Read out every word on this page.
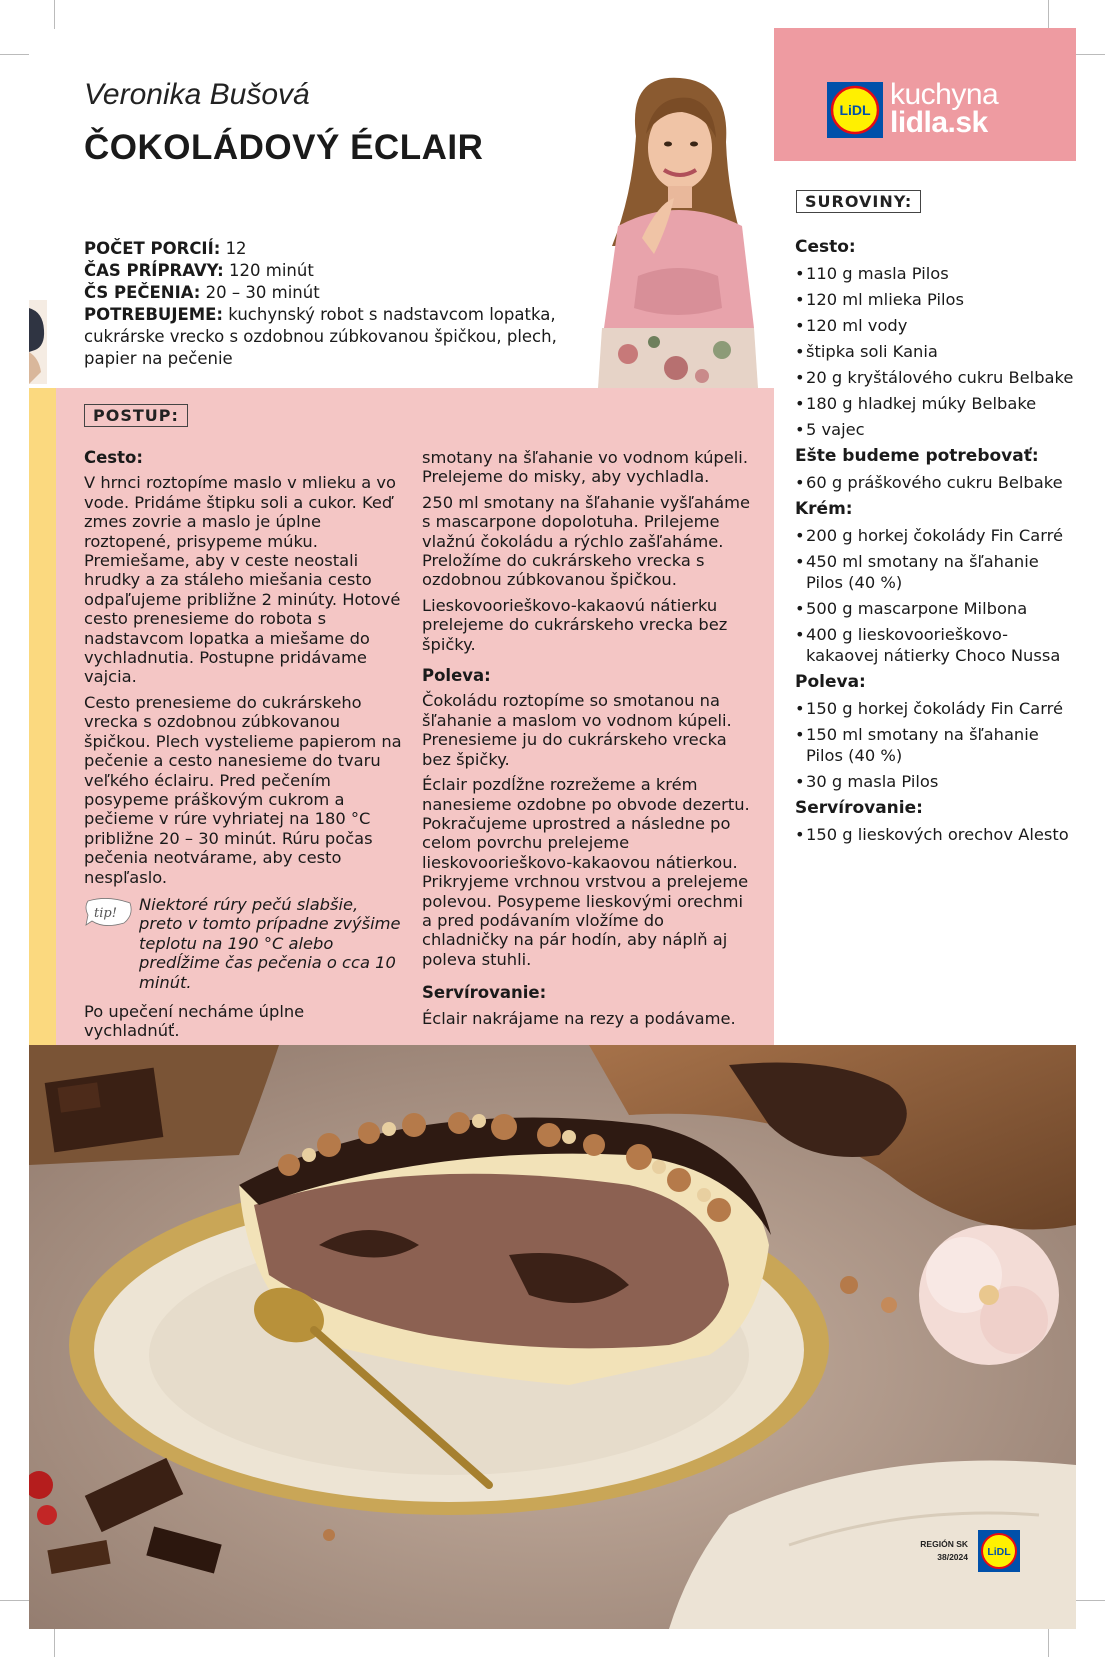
Veronika Bušová
ČOKOLÁDOVÝ ÉCLAIR
POČET PORCIÍ: 12
ČAS PRÍPRAVY: 120 minút
ČS PEČENIA: 20 – 30 minút
POTREBUJEME: kuchynský robot s nadstavcom lopatka, cukrárske vrecko s ozdobnou zúbkovanou špičkou, plech, papier na pečenie
POSTUP:
Cesto:

V hrnci roztopíme maslo v mlieku a vo vode. Pridáme štipku soli a cukor. Keď zmes zovrie a maslo je úplne roztopené, prisypeme múku. Premiešame, aby v ceste neostali hrudky a za stáleho miešania cesto odpaľujeme približne 2 minúty. Hotové cesto prenesieme do robota s nadstavcom lopatka a miešame do vychladnutia. Postupne pridávame vajcia.

Cesto prenesieme do cukrárskeho vrecka s ozdobnou zúbkovanou špičkou. Plech vystelieme papierom na pečenie a cesto nanesieme do tvaru veľkého éclairu. Pred pečením posypeme práškovým cukrom a pečieme v rúre vyhriatej na 180 °C približne 20 – 30 minút. Rúru počas pečenia neotvárame, aby cesto nespľaslo.

tip! Niektoré rúry pečú slabšie, preto v tomto prípadne zvýšime teplotu na 190 °C alebo predĺžime čas pečenia o cca 10 minút.

Po upečení necháme úplne vychladnúť.

smotany na šľahanie vo vodnom kúpeli. Prelejeme do misky, aby vychladla.

250 ml smotany na šľahanie vyšľaháme s mascarpone dopolotuha. Prilejeme vlažnú čokoládu a rýchlo zašľaháme. Preložíme do cukrárskeho vrecka s ozdobnou zúbkovanou špičkou.

Lieskovoorieškovo-kakaovú nátierku prelejeme do cukrárskeho vrecka bez špičky.

Poleva:

Čokoládu roztopíme so smotanou na šľahanie a maslom vo vodnom kúpeli. Prenesieme ju do cukrárskeho vrecka bez špičky.

Éclair pozdĺžne rozrežeme a krém nanesieme ozdobne po obvode dezertu. Pokračujeme uprostred a následne po celom povrchu prelejeme lieskovoorieškovo-kakaovou nátierkou. Prikryjeme vrchnou vrstvou a prelejeme polevou. Posypeme lieskovými orechmi a pred podávaním vložíme do chladničky na pár hodín, aby náplň aj poleva stuhli.

Servírovanie:

Éclair nakrájame na rezy a podávame.

LiDL kuchyna
lidla.sk
SUROVINY:
Cesto:
• 110 g masla Pilos
• 120 ml mlieka Pilos
• 120 ml vody
• štipka soli Kania
• 20 g kryštálového cukru Belbake
• 180 g hladkej múky Belbake
• 5 vajec
Ešte budeme potrebovať:
• 60 g práškového cukru Belbake
Krém:
• 200 g horkej čokolády Fin Carré
• 450 ml smotany na šľahanie Pilos (40 %)
• 500 g mascarpone Milbona
• 400 g lieskovoorieškovo-kakaovej nátierky Choco Nussa
Poleva:
• 150 g horkej čokolády Fin Carré
• 150 ml smotany na šľahanie Pilos (40 %)
• 30 g masla Pilos
Servírovanie:
• 150 g lieskových orechov Alesto
REGIÓN SK
38/2024 LiDL
